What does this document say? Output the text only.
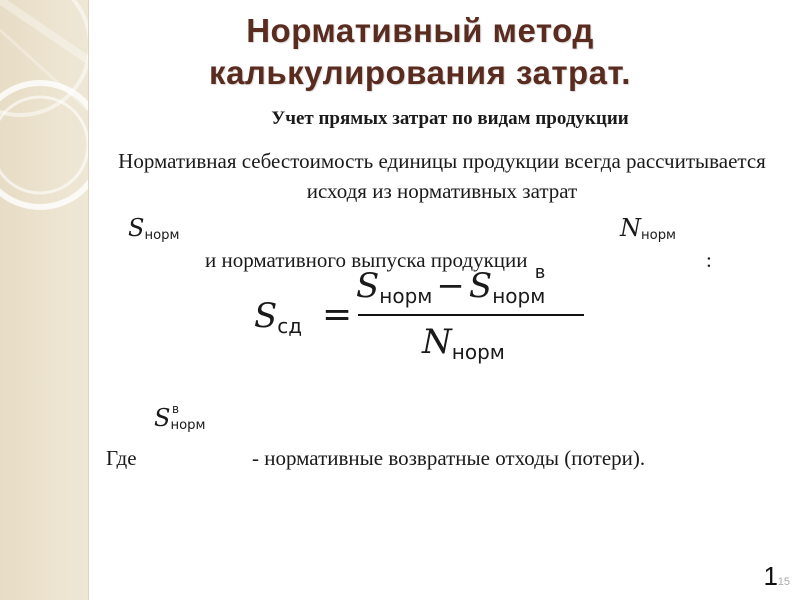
Нормативный метод
калькулирования затрат.
Учет прямых затрат по видам продукции
Нормативная себестоимость единицы продукции всегда рассчитывается исходя из нормативных затрат
Sнорм	Nнорм
и нормативного выпуска продукции	:
Sсд =
Sнорм − Sнорм
в
Nнорм
S в
норм
Где	- нормативные возвратные отходы (потери).
1 15
